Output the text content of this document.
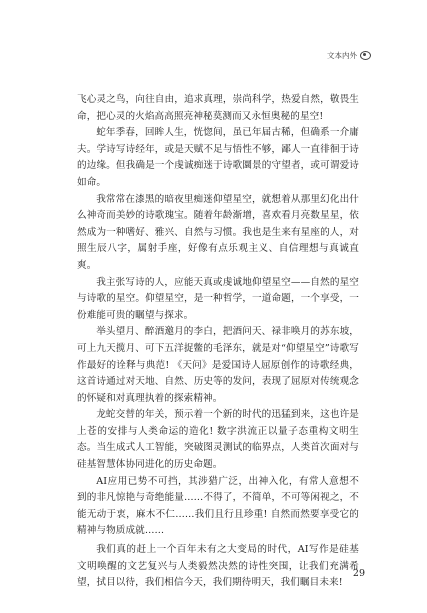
文本内外

飞心灵之鸟，向往自由，追求真理，崇尚科学，热爱自然，敬畏生命，把心灵的火焰高高照亮神秘莫测而又永恒奥秘的星空!

蛇年季春，回眸人生，恍惚间，虽已年届古稀，但确系一介庸夫。学诗写诗经年，或是天赋不足与悟性不够，鄙人一直徘徊于诗的边缘。但我确是一个虔诚痴迷于诗歌圜景的守望者，或可谓爱诗如命。

我常常在漆黑的暗夜里痴迷仰望星空，就想着从那里幻化出什么神奇而美妙的诗歌瑰宝。随着年龄渐增，喜欢看月亮数星星，依然成为一种嗜好、雅兴、自然与习惯。我也是生来有星座的人，对照生辰八字，属射手座，好像有点乐观主义、自信理想与真诚直爽。

我主张写诗的人，应能天真或虔诚地仰望星空——自然的星空与诗歌的星空。仰望星空，是一种哲学，一道命题，一个享受，一份难能可贵的瞩望与探求。

举头望月、醉酒邀月的李白，把酒问天、禄非唤月的苏东坡，可上九天揽月、可下五洋捉鳖的毛泽东，就是对“仰望星空”诗歌写作最好的诠释与典范! 《天问》是爱国诗人屈原创作的诗歌经典，这首诗通过对天地、自然、历史等的发问，表现了屈原对传统观念的怀疑和对真理执着的探索精神。

龙蛇交替的年关，预示着一个新的时代的迅猛到来，这也许是上苍的安排与人类命运的造化! 数字洪流正以量子态重构文明生态。当生成式人工智能，突破图灵测试的临界点，人类首次面对与硅基智慧体协同进化的历史命题。

AI应用已势不可挡，其涉猎广泛，出神入化，有常人意想不到的非凡惊艳与奇绝能量……不得了，不简单，不可等闲视之，不能无动于衷，麻木不仁……我们且行且珍重! 自然而然要享受它的精神与物质成就……

我们真的赶上一个百年未有之大变局的时代，AI写作是硅基文明唤醒的文艺复兴与人类毅然决然的诗性突围，让我们充满希望，拭目以待，我们相信今天，我们期待明天，我们瞩目未来!

29
